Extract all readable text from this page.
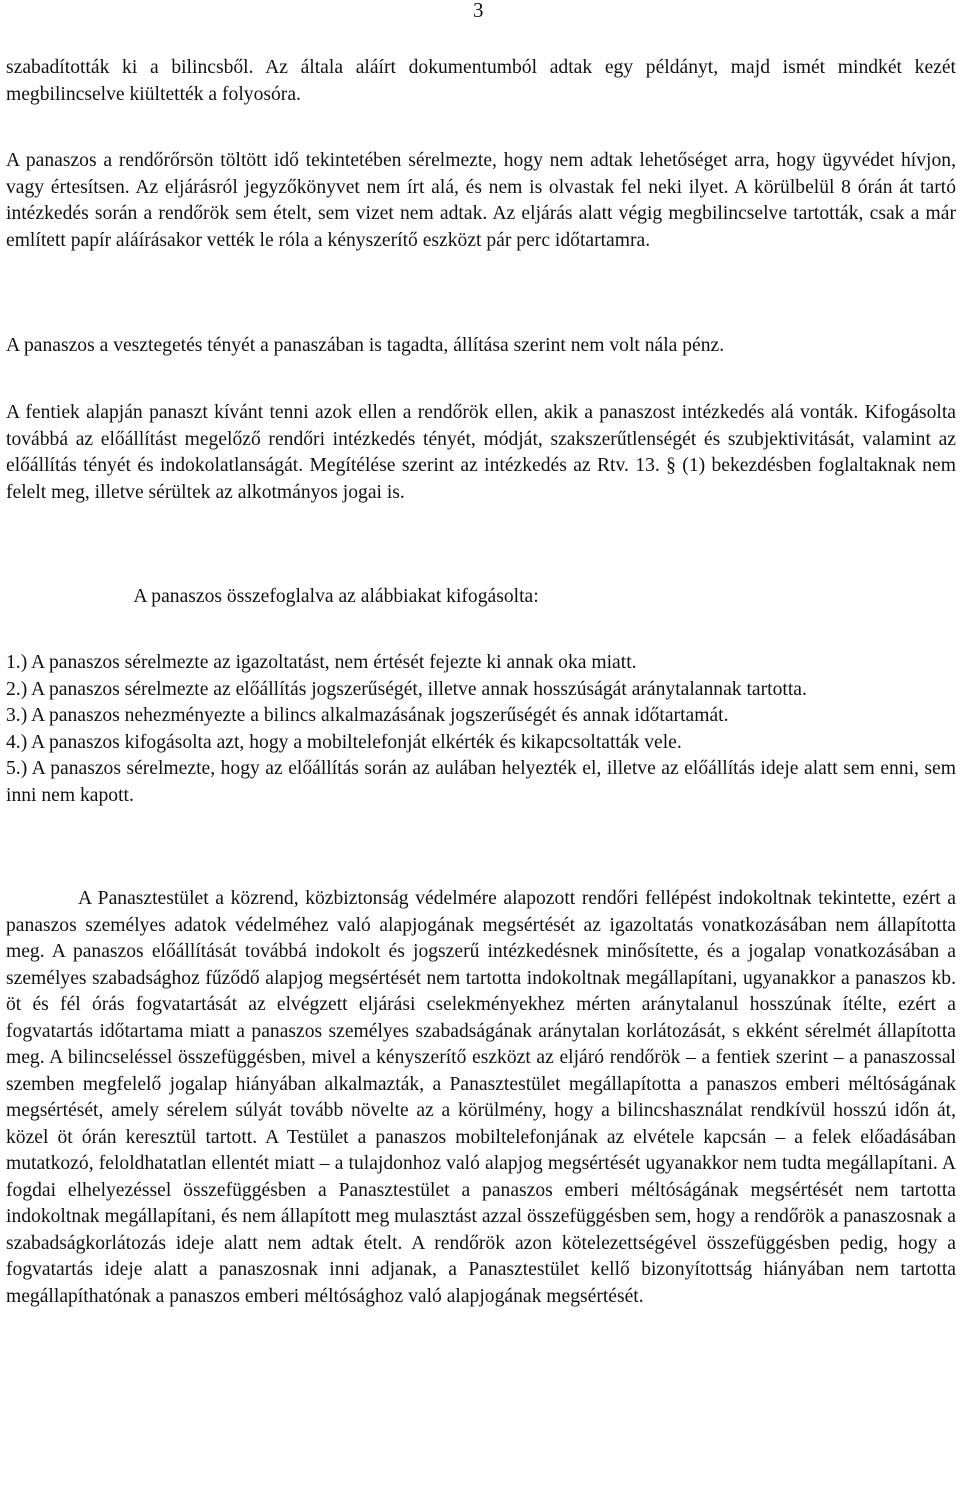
3

szabadították ki a bilincsből. Az általa aláírt dokumentumból adtak egy példányt, majd ismét mindkét kezét megbilincselve kiültették a folyosóra.

A panaszos a rendőrőrsön töltött idő tekintetében sérelmezte, hogy nem adtak lehetőséget arra, hogy ügyvédet hívjon, vagy értesítsen. Az eljárásról jegyzőkönyvet nem írt alá, és nem is olvastak fel neki ilyet. A körülbelül 8 órán át tartó intézkedés során a rendőrök sem ételt, sem vizet nem adtak. Az eljárás alatt végig megbilincselve tartották, csak a már említett papír aláírásakor vették le róla a kényszerítő eszközt pár perc időtartamra.

A panaszos a vesztegetés tényét a panaszában is tagadta, állítása szerint nem volt nála pénz.

A fentiek alapján panaszt kívánt tenni azok ellen a rendőrök ellen, akik a panaszost intézkedés alá vonták. Kifogásolta továbbá az előállítást megelőző rendőri intézkedés tényét, módját, szakszerűtlenségét és szubjektivitását, valamint az előállítás tényét és indokolatlanságát. Megítélése szerint az intézkedés az Rtv. 13. § (1) bekezdésben foglaltaknak nem felelt meg, illetve sérültek az alkotmányos jogai is.

A panaszos összefoglalva az alábbiakat kifogásolta:

1.) A panaszos sérelmezte az igazoltatást, nem értését fejezte ki annak oka miatt.

2.) A panaszos sérelmezte az előállítás jogszerűségét, illetve annak hosszúságát aránytalannak tartotta.

3.) A panaszos nehezményezte a bilincs alkalmazásának jogszerűségét és annak időtartamát.

4.) A panaszos kifogásolta azt, hogy a mobiltelefonját elkérték és kikapcsoltatták vele.

5.) A panaszos sérelmezte, hogy az előállítás során az aulában helyezték el, illetve az előállítás ideje alatt sem enni, sem inni nem kapott.

A Panasztestület a közrend, közbiztonság védelmére alapozott rendőri fellépést indokoltnak tekintette, ezért a panaszos személyes adatok védelméhez való alapjogának megsértését az igazoltatás vonatkozásában nem állapította meg. A panaszos előállítását továbbá indokolt és jogszerű intézkedésnek minősítette, és a jogalap vonatkozásában a személyes szabadsághoz fűződő alapjog megsértését nem tartotta indokoltnak megállapítani, ugyanakkor a panaszos kb. öt és fél órás fogvatartását az elvégzett eljárási cselekményekhez mérten aránytalanul hosszúnak ítélte, ezért a fogvatartás időtartama miatt a panaszos személyes szabadságának aránytalan korlátozását, s ekként sérelmét állapította meg. A bilincseléssel összefüggésben, mivel a kényszerítő eszközt az eljáró rendőrök – a fentiek szerint – a panaszossal szemben megfelelő jogalap hiányában alkalmazták, a Panasztestület megállapította a panaszos emberi méltóságának megsértését, amely sérelem súlyát tovább növelte az a körülmény, hogy a bilincshasználat rendkívül hosszú időn át, közel öt órán keresztül tartott. A Testület a panaszos mobiltelefonjának az elvétele kapcsán – a felek előadásában mutatkozó, feloldhatatlan ellentét miatt – a tulajdonhoz való alapjog megsértését ugyanakkor nem tudta megállapítani. A fogdai elhelyezéssel összefüggésben a Panasztestület a panaszos emberi méltóságának megsértését nem tartotta indokoltnak megállapítani, és nem állapított meg mulasztást azzal összefüggésben sem, hogy a rendőrök a panaszosnak a szabadságkorlátozás ideje alatt nem adtak ételt. A rendőrök azon kötelezettségével összefüggésben pedig, hogy a fogvatartás ideje alatt a panaszosnak inni adjanak, a Panasztestület kellő bizonyítottság hiányában nem tartotta megállapíthatónak a panaszos emberi méltósághoz való alapjogának megsértését.
